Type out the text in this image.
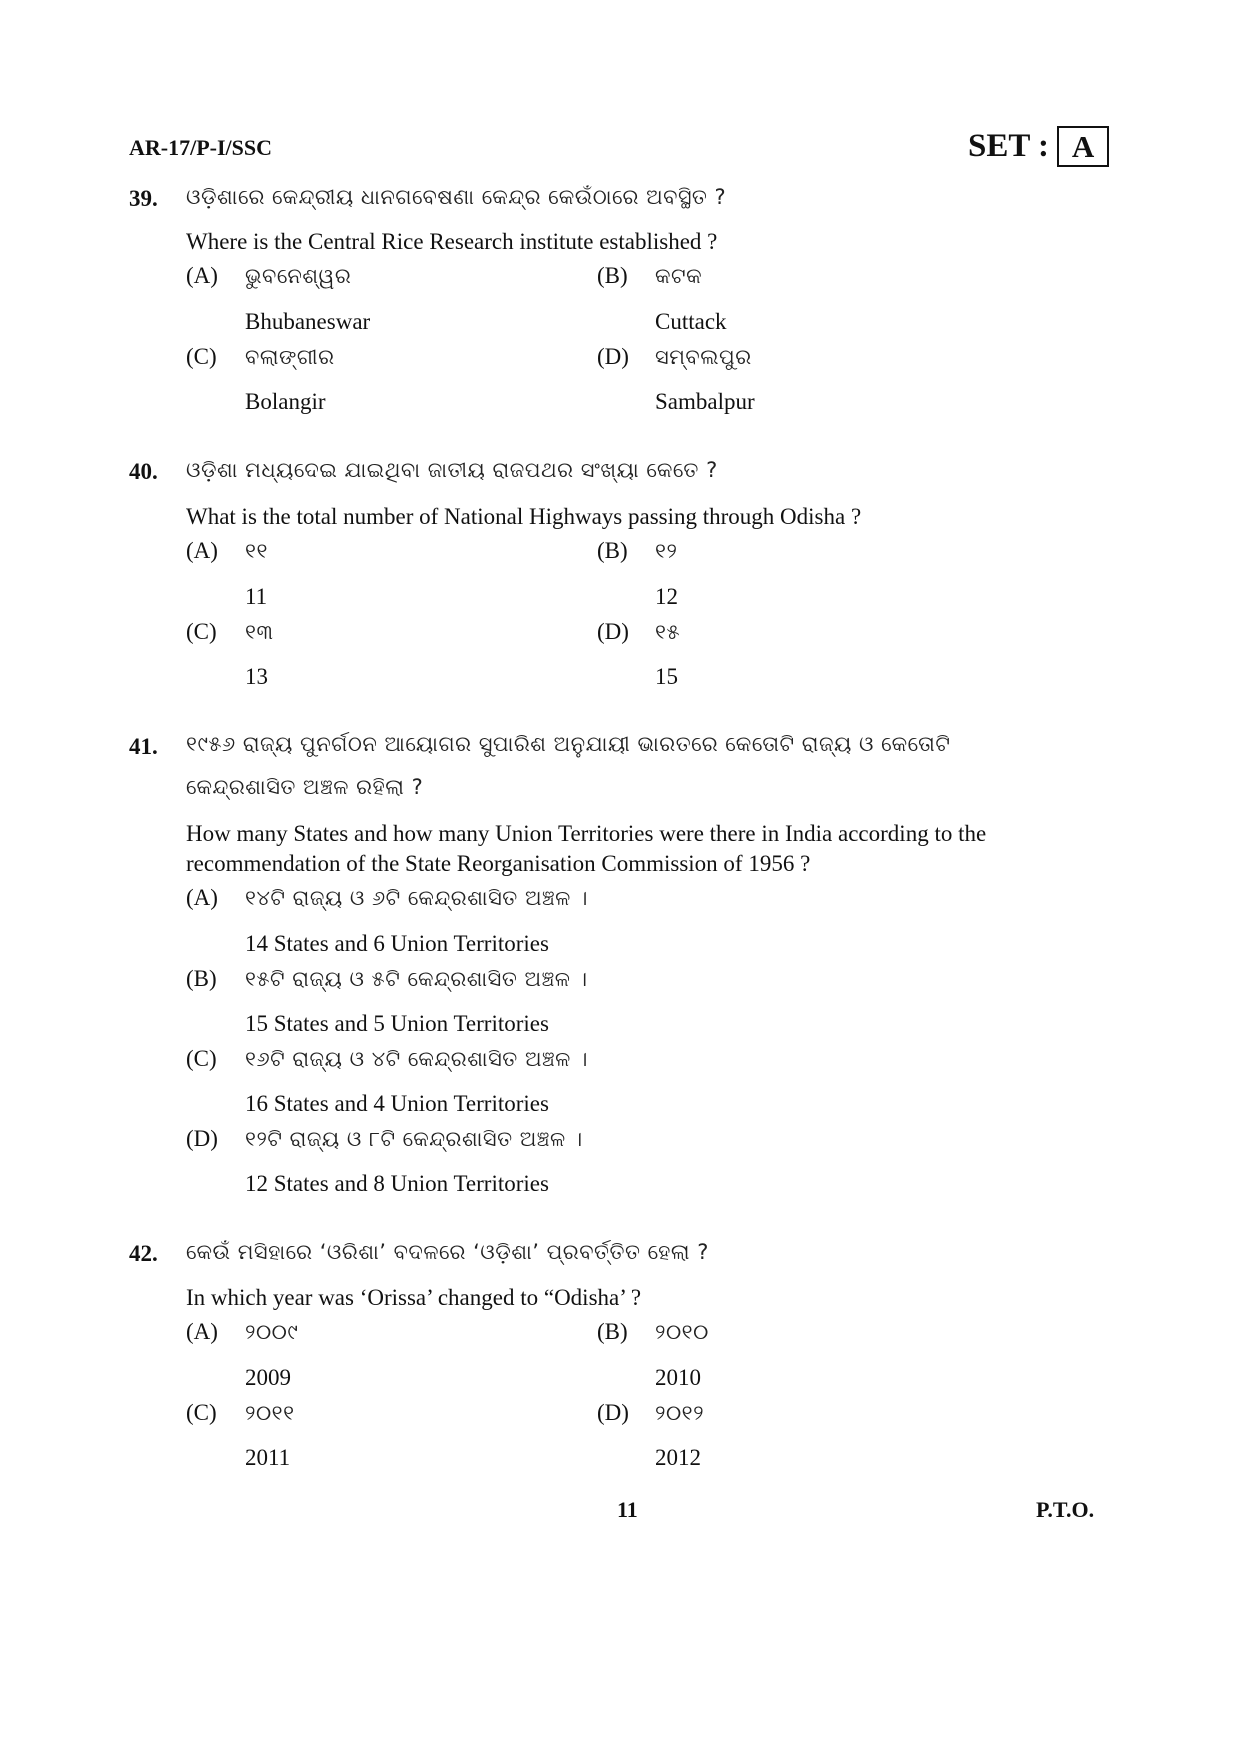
AR-17/P-I/SSC	SET : A
39. ଓଡ଼ିଶାରେ କେନ୍ଦ୍ରୀୟ ଧାନଗବେଷଣା କେନ୍ଦ୍ର କେଉଁଠାରେ ଅବସ୍ଥିତ ?
Where is the Central Rice Research institute established ?
(A) ଭୁବନେଶ୍ୱର
Bhubaneswar
(B) କଟକ
Cuttack
(C) ବଲାଙ୍ଗୀର
Bolangir
(D) ସମ୍ବଲପୁର
Sambalpur
40. ଓଡ଼ିଶା ମଧ୍ୟଦେଇ ଯାଇଥିବା ଜାତୀୟ ରାଜପଥର ସଂଖ୍ୟା କେତେ ?
What is the total number of National Highways passing through Odisha ?
(A) ୧୧
11
(B) ୧୨
12
(C) ୧୩
13
(D) ୧୫
15
41. ୧୯୫୬ ରାଜ୍ୟ ପୁନର୍ଗଠନ ଆୟୋଗର ସୁପାରିଶ ଅନୁଯାୟୀ ଭାରତରେ କେତୋଟି ରାଜ୍ୟ ଓ କେତୋଟି
କେନ୍ଦ୍ରଶାସିତ ଅଞ୍ଚଳ ରହିଲା ?
How many States and how many Union Territories were there in India according to the
recommendation of the State Reorganisation Commission of 1956 ?
(A) ୧୪ଟି ରାଜ୍ୟ ଓ ୬ଟି କେନ୍ଦ୍ରଶାସିତ ଅଞ୍ଚଳ ।
14 States and 6 Union Territories
(B) ୧୫ଟି ରାଜ୍ୟ ଓ ୫ଟି କେନ୍ଦ୍ରଶାସିତ ଅଞ୍ଚଳ ।
15 States and 5 Union Territories
(C) ୧୬ଟି ରାଜ୍ୟ ଓ ୪ଟି କେନ୍ଦ୍ରଶାସିତ ଅଞ୍ଚଳ ।
16 States and 4 Union Territories
(D) ୧୨ଟି ରାଜ୍ୟ ଓ ୮ଟି କେନ୍ଦ୍ରଶାସିତ ଅଞ୍ଚଳ ।
12 States and 8 Union Territories
42. କେଉଁ ମସିହାରେ ‘ଓରିଶା’ ବଦଳରେ ‘ଓଡ଼ିଶା’ ପ୍ରବର୍ତ୍ତିତ ହେଲା ?
In which year was ‘Orissa’ changed to “Odisha’ ?
(A) ୨୦୦୯
2009
(B) ୨୦୧୦
2010
(C) ୨୦୧୧
2011
(D) ୨୦୧୨
2012
11	P.T.O.
